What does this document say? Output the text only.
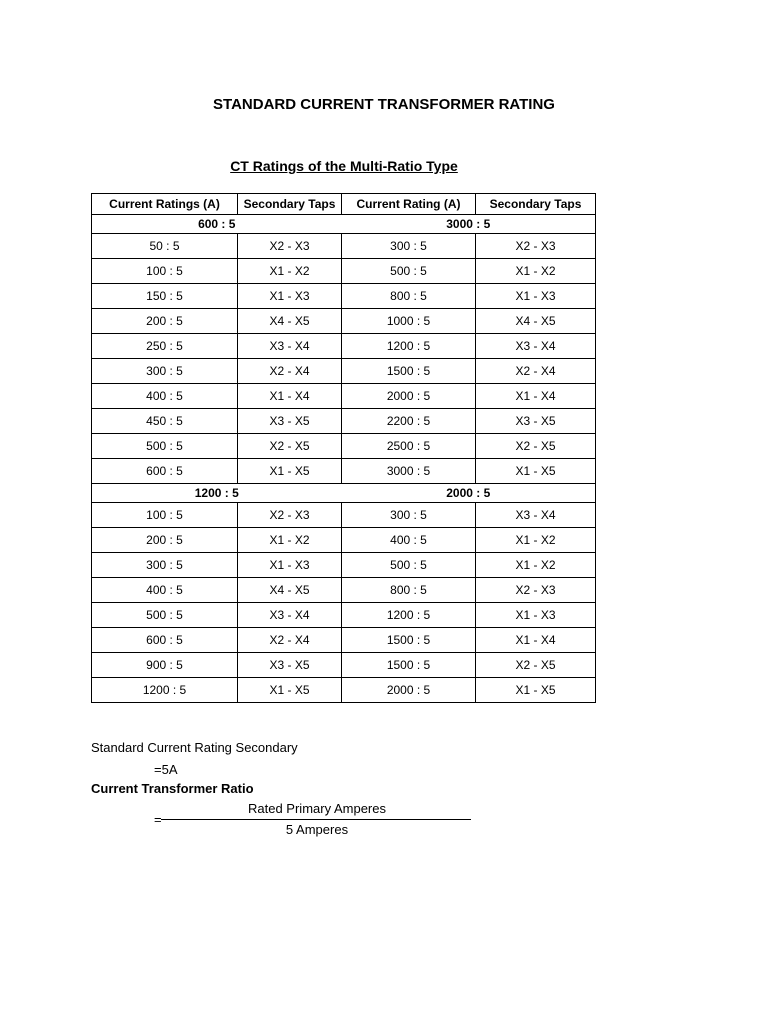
STANDARD CURRENT TRANSFORMER RATING
CT Ratings of the Multi-Ratio Type
Current Ratings (A)	Secondary Taps	Current Rating (A)	Secondary Taps
600 : 5		3000 : 5	
50 : 5	X2 - X3	300 : 5	X2 - X3
100 : 5	X1 - X2	500 : 5	X1 - X2
150 : 5	X1 - X3	800 : 5	X1 - X3
200 : 5	X4 - X5	1000 : 5	X4 - X5
250 : 5	X3 - X4	1200 : 5	X3 - X4
300 : 5	X2 - X4	1500 : 5	X2 - X4
400 : 5	X1 - X4	2000 : 5	X1 - X4
450 : 5	X3 - X5	2200 : 5	X3 - X5
500 : 5	X2 - X5	2500 : 5	X2 - X5
600 : 5	X1 - X5	3000 : 5	X1 - X5
1200 : 5		2000 : 5	
100 : 5	X2 - X3	300 : 5	X3 - X4
200 : 5	X1 - X2	400 : 5	X1 - X2
300 : 5	X1 - X3	500 : 5	X1 - X2
400 : 5	X4 - X5	800 : 5	X2 - X3
500 : 5	X3 - X4	1200 : 5	X1 - X3
600 : 5	X2 - X4	1500 : 5	X1 - X4
900 : 5	X3 - X5	1500 : 5	X2 - X5
1200 : 5	X1 - X5	2000 : 5	X1 - X5
Standard Current Rating Secondary
=5A
Current Transformer Ratio
=
Rated Primary Amperes
5 Amperes
